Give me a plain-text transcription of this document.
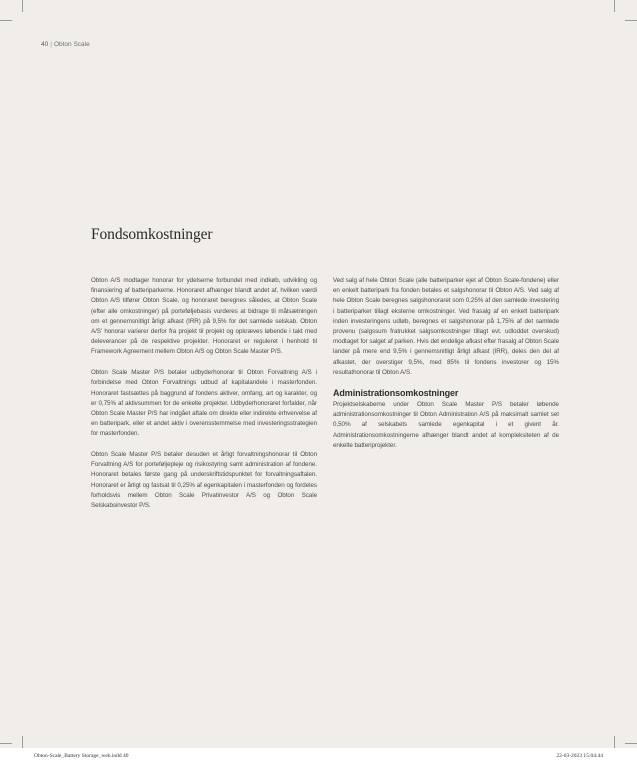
40 | Obton Scale
Fondsomkostninger

Obton A/S modtager honorar for ydelserne forbundet med indkøb, udvikling og finansiering af batteriparkerne. Honoraret afhænger blandt andet af, hvilken værdi Obton A/S tilfører Obton Scale, og honoraret beregnes således, at Obton Scale (efter alle omkostninger) på porteføljebasis vurderes at bidrage til målsætningen om et gennemsnitligt årligt afkast (IRR) på 9,5% for det samlede selskab. Obton A/S' honorar varierer derfor fra projekt til projekt og opkræves løbende i takt med deleverancer på de respektive projekter. Honoraret er reguleret i henhold til Framework Agreement mellem Obton A/S og Obton Scale Master P/S.

Obton Scale Master P/S betaler udbyderhonorar til Obton Forvaltning A/S i forbindelse med Obton Forvaltnings udbud af kapitalandele i masterfonden. Honoraret fastsættes på baggrund af fondens aktiver, omfang, art og karakter, og er 0,75% af aktivsummen for de enkelte projekter. Udbyderhonoraret forfalder, når Obton Scale Master P/S har indgået aftale om direkte eller indirekte erhvervelse af en batteripark, eller et andet aktiv i overensstemmelse med investeringsstrategien for masterfonden.

Obton Scale Master P/S betaler desuden et årligt forvaltningshonorar til Obton Forvaltning A/S for porteføljepleje og risikostyring samt administration af fondene. Honoraret betales første gang på underskriftstidspunktet for forvaltningsaftalen. Honoraret er årligt og fastsat til 0,25% af egenkapitalen i masterfonden og fordeles forholdsvis mellem Obton Scale Privatinvestor A/S og Obton Scale Selskabsinvestor P/S.

Ved salg af hele Obton Scale (alle batteriparker ejet af Obton Scale-fondene) eller en enkelt batteripark fra fonden betales et salgshonorar til Obton A/S. Ved salg af hele Obton Scale beregnes salgshonoraret som 0,25% af den samlede investering i batteriparker tillagt eksterne omkostninger. Ved frasalg af en enkelt batteripark inden investeringens udløb, beregnes et salgshonorar på 1,75% af det samlede provenu (salgssum fratrukket salgsomkostninger tillagt evt. udloddet overskud) modtaget for salget af parken. Hvis det endelige afkast efter frasalg af Obton Scale lander på mere end 9,5% i gennemsnitligt årligt afkast (IRR), deles den del af afkastet, der overstiger 9,5%, med 85% til fondens investorer og 15% resultathonorar til Obton A/S.

Administrationsomkostninger

Projektselskaberne under Obton Scale Master P/S betaler løbende administrationsomkostninger til Obton Administration A/S på maksimalt samlet set 0,50% af selskabets samlede egenkapital i et givent år. Administrationsomkostningerne afhænger blandt andet af kompleksiteten af de enkelte batteriprojekter.

Obton-Scale_Battery Storage_web.indd 40	22-03-2023 15:04:44
